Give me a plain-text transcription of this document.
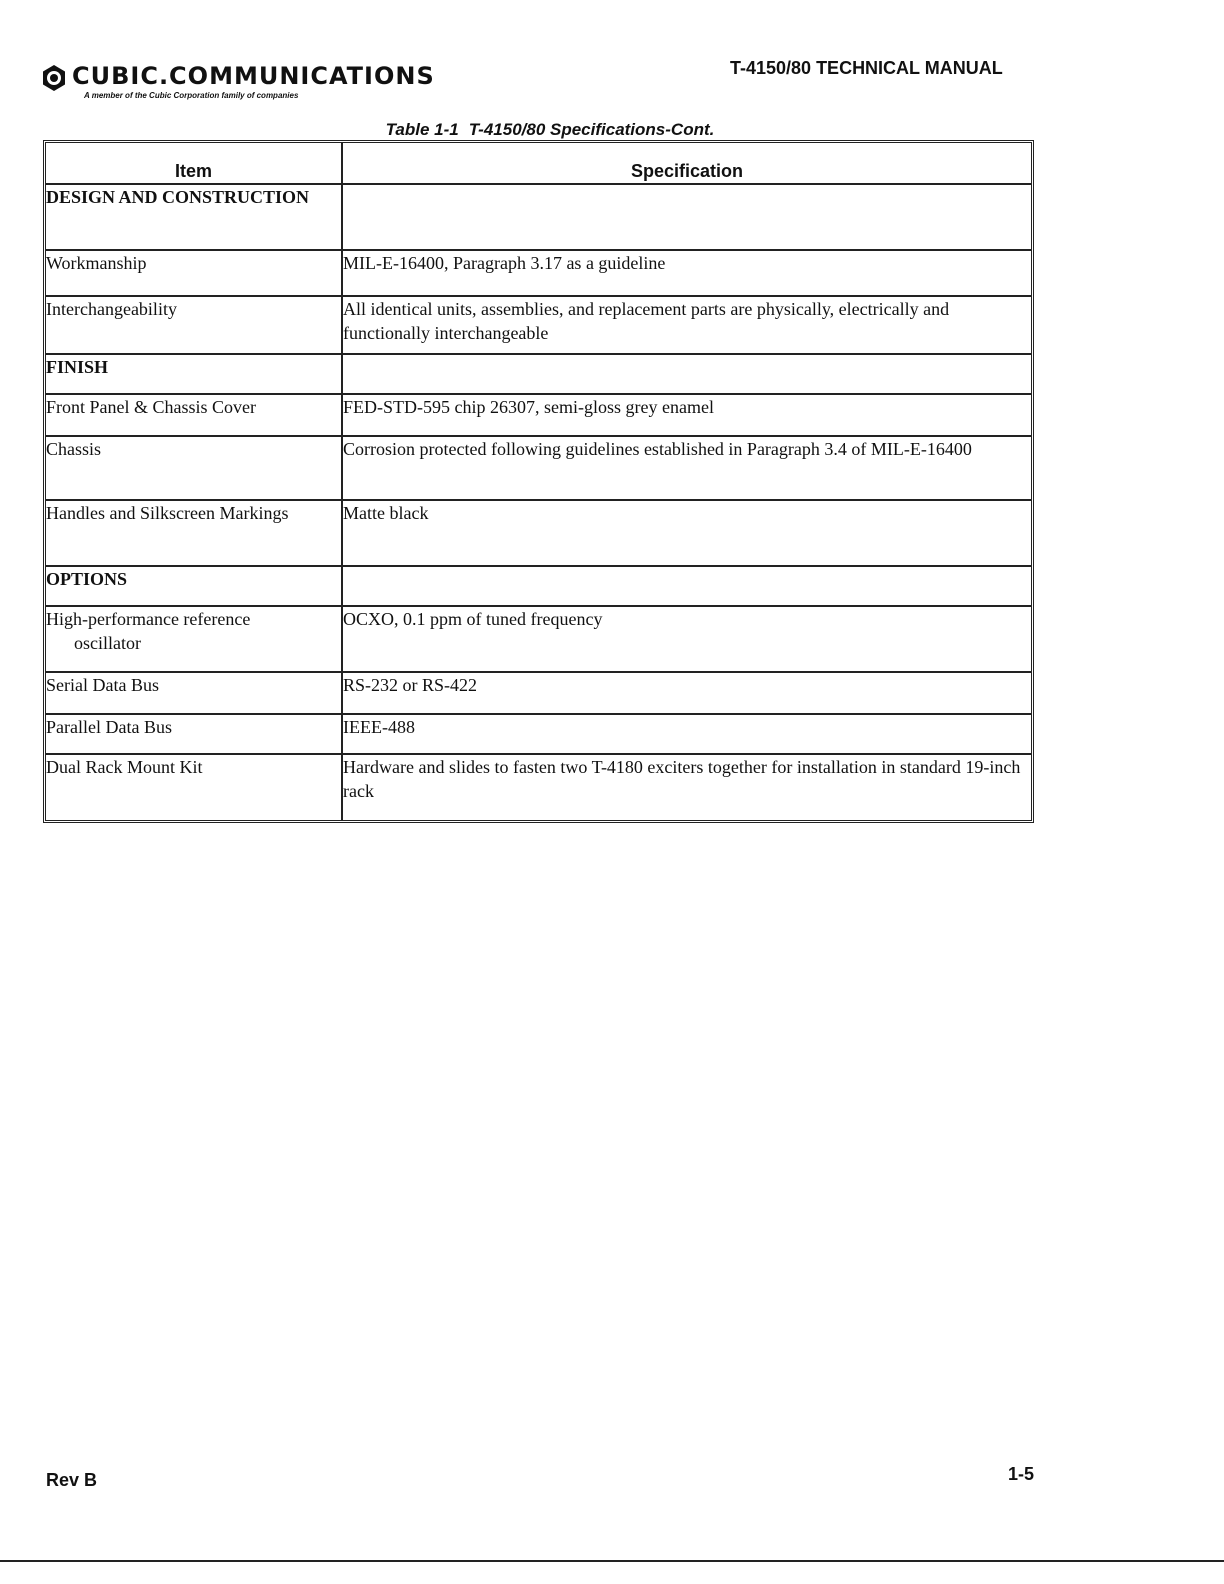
CUBIC.COMMUNICATIONS
A member of the Cubic Corporation family of companies
T-4150/80 TECHNICAL MANUAL
Table 1-1 T-4150/80 Specifications-Cont.
Item	Specification
DESIGN AND CONSTRUCTION	
Workmanship	MIL-E-16400, Paragraph 3.17 as a guideline
Interchangeability	All identical units, assemblies, and replacement parts are physically, electrically and functionally interchangeable
FINISH	
Front Panel & Chassis Cover	FED-STD-595 chip 26307, semi-gloss grey enamel
Chassis	Corrosion protected following guidelines established in Paragraph 3.4 of MIL-E-16400
Handles and Silkscreen Markings	Matte black
OPTIONS	
High-performance reference
oscillator	OCXO, 0.1 ppm of tuned frequency
Serial Data Bus	RS-232 or RS-422
Parallel Data Bus	IEEE-488
Dual Rack Mount Kit	Hardware and slides to fasten two T-4180 exciters together for installation in standard 19-inch rack
Rev B	1-5
